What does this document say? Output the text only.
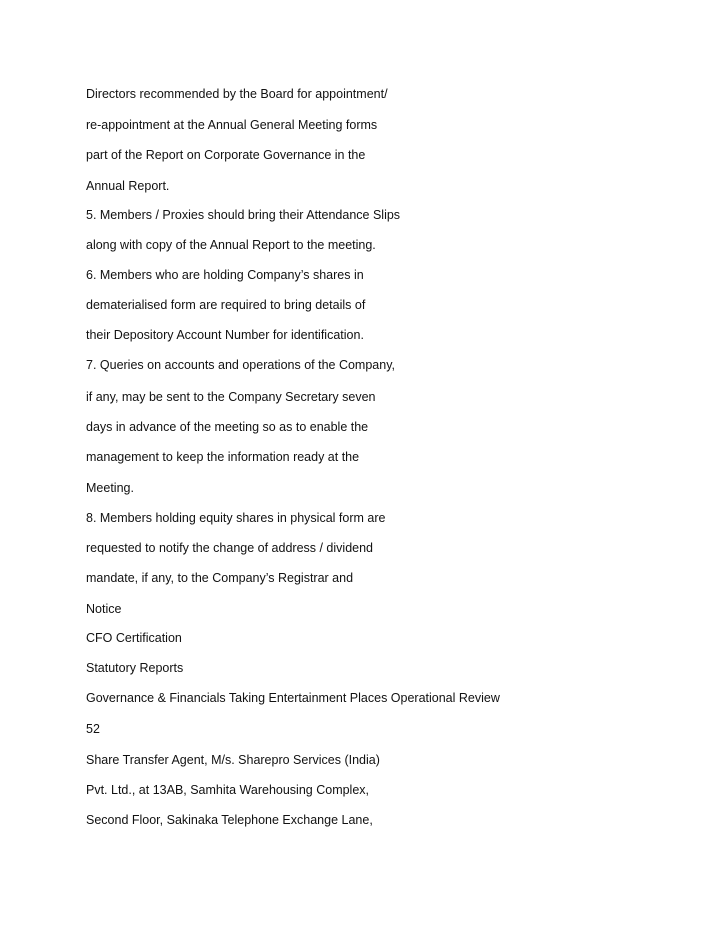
Directors recommended by the Board for appointment/

re-appointment at the Annual General Meeting forms

part of the Report on Corporate Governance in the

Annual Report.

5. Members / Proxies should bring their Attendance Slips

along with copy of the Annual Report to the meeting.

6. Members who are holding Company’s shares in

dematerialised form are required to bring details of

their Depository Account Number for identification.

7. Queries on accounts and operations of the Company,

if any, may be sent to the Company Secretary seven

days in advance of the meeting so as to enable the

management to keep the information ready at the

Meeting.

8. Members holding equity shares in physical form are

requested to notify the change of address / dividend

mandate, if any, to the Company’s Registrar and

Notice

CFO Certification

Statutory Reports

Governance & Financials Taking Entertainment Places Operational Review

52

Share Transfer Agent, M/s. Sharepro Services (India)

Pvt. Ltd., at 13AB, Samhita Warehousing Complex,

Second Floor, Sakinaka Telephone Exchange Lane,
